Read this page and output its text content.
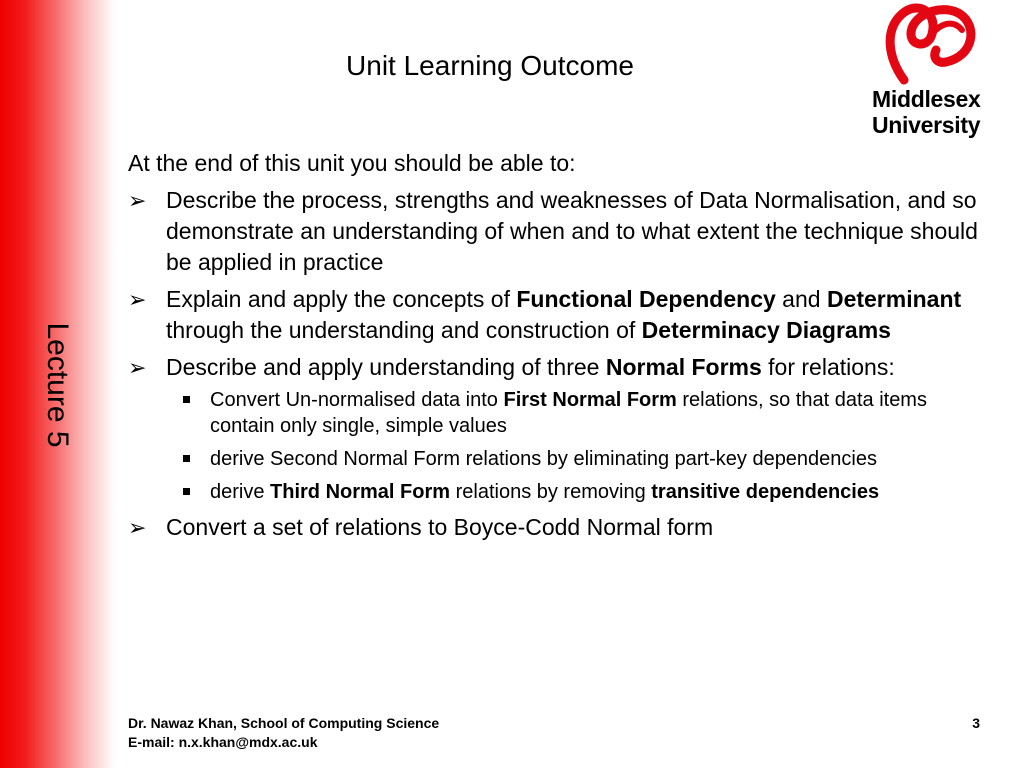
Lecture 5
Unit Learning Outcome
Middlesex
University
At the end of this unit you should be able to:
➢ Describe the process, strengths and weaknesses of Data Normalisation, and so demonstrate an understanding of when and to what extent the technique should be applied in practice
➢ Explain and apply the concepts of Functional Dependency and Determinant through the understanding and construction of Determinacy Diagrams
➢ Describe and apply understanding of three Normal Forms for relations:
Convert Un-normalised data into First Normal Form relations, so that data items contain only single, simple values
derive Second Normal Form relations by eliminating part-key dependencies
derive Third Normal Form relations by removing transitive dependencies
➢ Convert a set of relations to Boyce-Codd Normal form
Dr. Nawaz Khan, School of Computing Science
E-mail: n.x.khan@mdx.ac.uk
3
